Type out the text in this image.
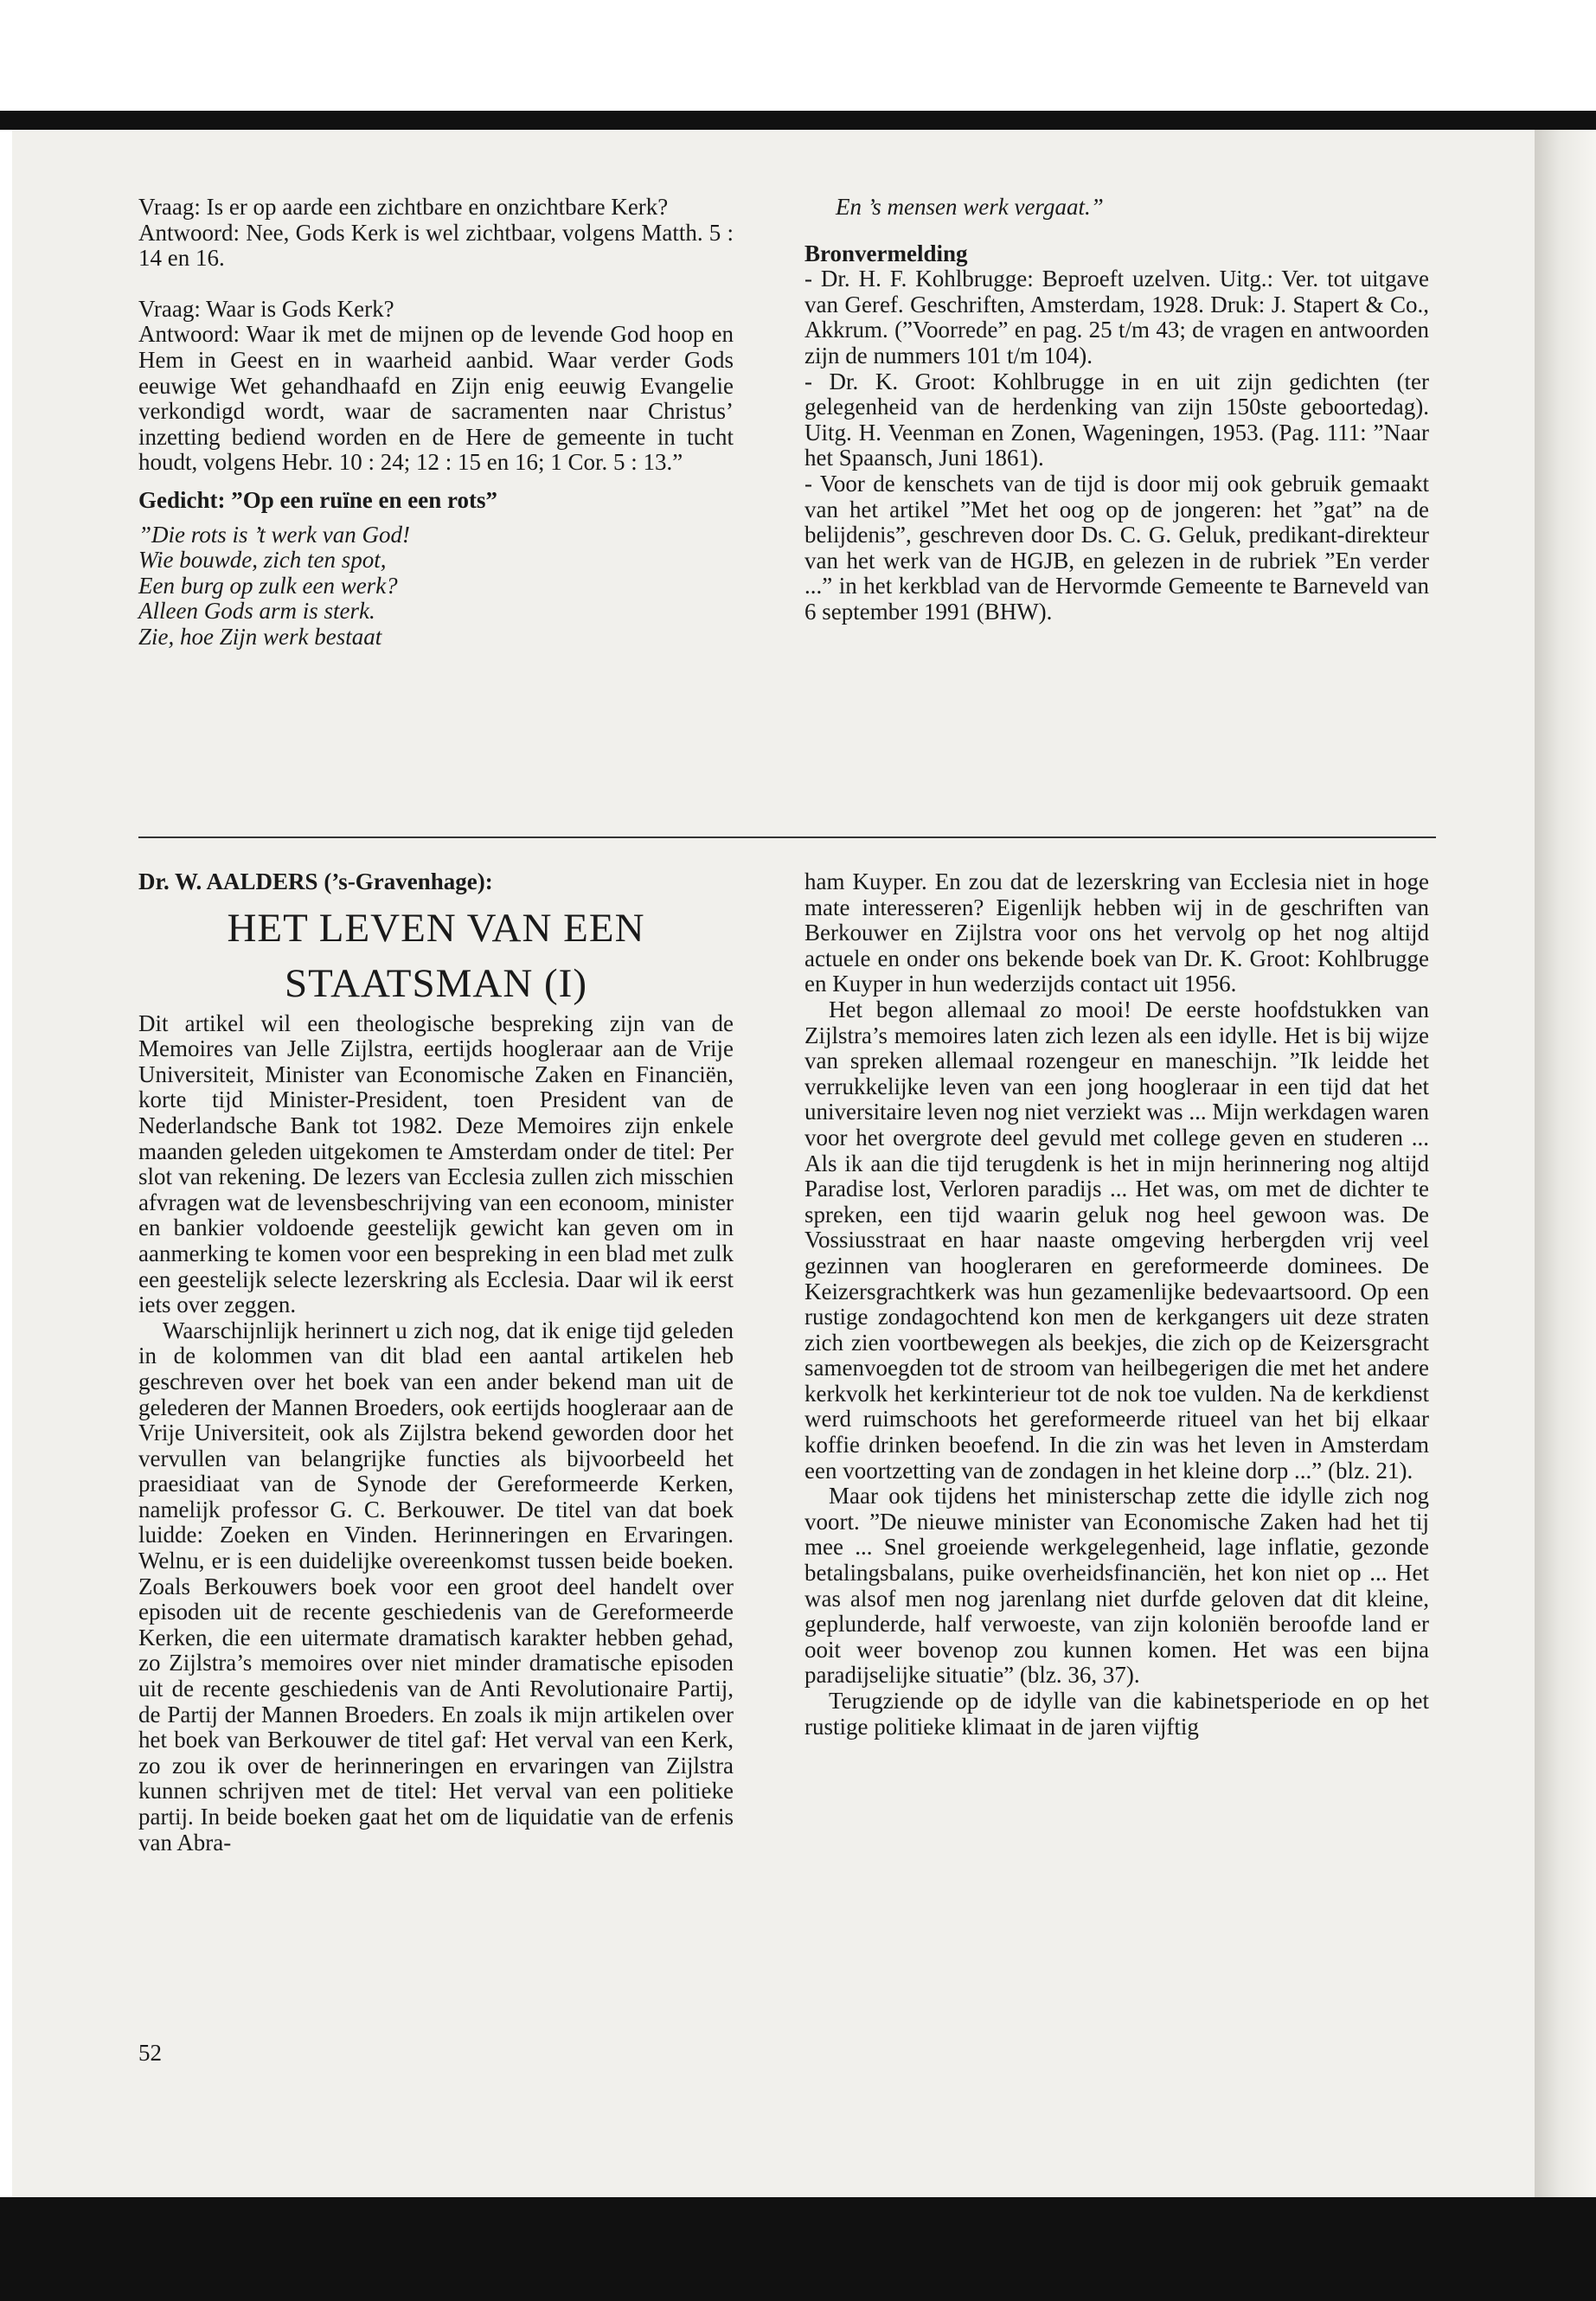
Vraag: Is er op aarde een zichtbare en onzichtbare Kerk?

Antwoord: Nee, Gods Kerk is wel zichtbaar, volgens Matth. 5 : 14 en 16.

Vraag: Waar is Gods Kerk?

Antwoord: Waar ik met de mijnen op de levende God hoop en Hem in Geest en in waarheid aanbid. Waar verder Gods eeuwige Wet gehandhaafd en Zijn enig eeuwig Evangelie verkondigd wordt, waar de sacramenten naar Christus’ inzetting bediend worden en de Here de gemeente in tucht houdt, volgens Hebr. 10 : 24; 12 : 15 en 16; 1 Cor. 5 : 13.”

Gedicht: ”Op een ruïne en een rots”

”Die rots is ’t werk van God!

Wie bouwde, zich ten spot,

Een burg op zulk een werk?

Alleen Gods arm is sterk.

Zie, hoe Zijn werk bestaat

En ’s mensen werk vergaat.”

Bronvermelding

- Dr. H. F. Kohlbrugge: Beproeft uzelven. Uitg.: Ver. tot uitgave van Geref. Geschriften, Amsterdam, 1928. Druk: J. Stapert & Co., Akkrum. (”Voorrede” en pag. 25 t/m 43; de vragen en antwoorden zijn de nummers 101 t/m 104).

- Dr. K. Groot: Kohlbrugge in en uit zijn gedichten (ter gelegenheid van de herdenking van zijn 150ste geboortedag). Uitg. H. Veenman en Zonen, Wageningen, 1953. (Pag. 111: ”Naar het Spaansch, Juni 1861).

- Voor de kenschets van de tijd is door mij ook gebruik gemaakt van het artikel ”Met het oog op de jongeren: het ”gat” na de belijdenis”, geschreven door Ds. C. G. Geluk, predikant-direkteur van het werk van de HGJB, en gelezen in de rubriek ”En verder ...” in het kerkblad van de Hervormde Gemeente te Barneveld van 6 september 1991 (BHW).

Dr. W. AALDERS (’s-Gravenhage):

HET LEVEN VAN EEN

STAATSMAN (I)

Dit artikel wil een theologische bespreking zijn van de Memoires van Jelle Zijlstra, eertijds hoogleraar aan de Vrije Universiteit, Minister van Economische Zaken en Financiën, korte tijd Minister-President, toen President van de Nederlandsche Bank tot 1982. Deze Memoires zijn enkele maanden geleden uitgekomen te Amsterdam onder de titel: Per slot van rekening. De lezers van Ecclesia zullen zich misschien afvragen wat de levensbeschrijving van een econoom, minister en bankier voldoende geestelijk gewicht kan geven om in aanmerking te komen voor een bespreking in een blad met zulk een geestelijk selecte lezerskring als Ecclesia. Daar wil ik eerst iets over zeggen.

Waarschijnlijk herinnert u zich nog, dat ik enige tijd geleden in de kolommen van dit blad een aantal artikelen heb geschreven over het boek van een ander bekend man uit de gelederen der Mannen Broeders, ook eertijds hoogleraar aan de Vrije Universiteit, ook als Zijlstra bekend geworden door het vervullen van belangrijke functies als bijvoorbeeld het praesidiaat van de Synode der Gereformeerde Kerken, namelijk professor G. C. Berkouwer. De titel van dat boek luidde: Zoeken en Vinden. Herinneringen en Ervaringen. Welnu, er is een duidelijke overeenkomst tussen beide boeken. Zoals Berkouwers boek voor een groot deel handelt over episoden uit de recente geschiedenis van de Gereformeerde Kerken, die een uitermate dramatisch karakter hebben gehad, zo Zijlstra’s memoires over niet minder dramatische episoden uit de recente geschiedenis van de Anti Revolutionaire Partij, de Partij der Mannen Broeders. En zoals ik mijn artikelen over het boek van Berkouwer de titel gaf: Het verval van een Kerk, zo zou ik over de herinneringen en ervaringen van Zijlstra kunnen schrijven met de titel: Het verval van een politieke partij. In beide boeken gaat het om de liquidatie van de erfenis van Abra-

ham Kuyper. En zou dat de lezerskring van Ecclesia niet in hoge mate interesseren? Eigenlijk hebben wij in de geschriften van Berkouwer en Zijlstra voor ons het vervolg op het nog altijd actuele en onder ons bekende boek van Dr. K. Groot: Kohlbrugge en Kuyper in hun wederzijds contact uit 1956.

Het begon allemaal zo mooi! De eerste hoofdstukken van Zijlstra’s memoires laten zich lezen als een idylle. Het is bij wijze van spreken allemaal rozengeur en maneschijn. ”Ik leidde het verrukkelijke leven van een jong hoogleraar in een tijd dat het universitaire leven nog niet verziekt was ... Mijn werkdagen waren voor het overgrote deel gevuld met college geven en studeren ... Als ik aan die tijd terugdenk is het in mijn herinnering nog altijd Paradise lost, Verloren paradijs ... Het was, om met de dichter te spreken, een tijd waarin geluk nog heel gewoon was. De Vossiusstraat en haar naaste omgeving herbergden vrij veel gezinnen van hoogleraren en gereformeerde dominees. De Keizersgrachtkerk was hun gezamenlijke bedevaartsoord. Op een rustige zondagochtend kon men de kerkgangers uit deze straten zich zien voortbewegen als beekjes, die zich op de Keizersgracht samenvoegden tot de stroom van heilbegerigen die met het andere kerkvolk het kerkinterieur tot de nok toe vulden. Na de kerkdienst werd ruimschoots het gereformeerde ritueel van het bij elkaar koffie drinken beoefend. In die zin was het leven in Amsterdam een voortzetting van de zondagen in het kleine dorp ...” (blz. 21).

Maar ook tijdens het ministerschap zette die idylle zich nog voort. ”De nieuwe minister van Economische Zaken had het tij mee ... Snel groeiende werkgelegenheid, lage inflatie, gezonde betalingsbalans, puike overheidsfinanciën, het kon niet op ... Het was alsof men nog jarenlang niet durfde geloven dat dit kleine, geplunderde, half verwoeste, van zijn koloniën beroofde land er ooit weer bovenop zou kunnen komen. Het was een bijna paradijselijke situatie” (blz. 36, 37).

Terugziende op de idylle van die kabinetsperiode en op het rustige politieke klimaat in de jaren vijftig

52
